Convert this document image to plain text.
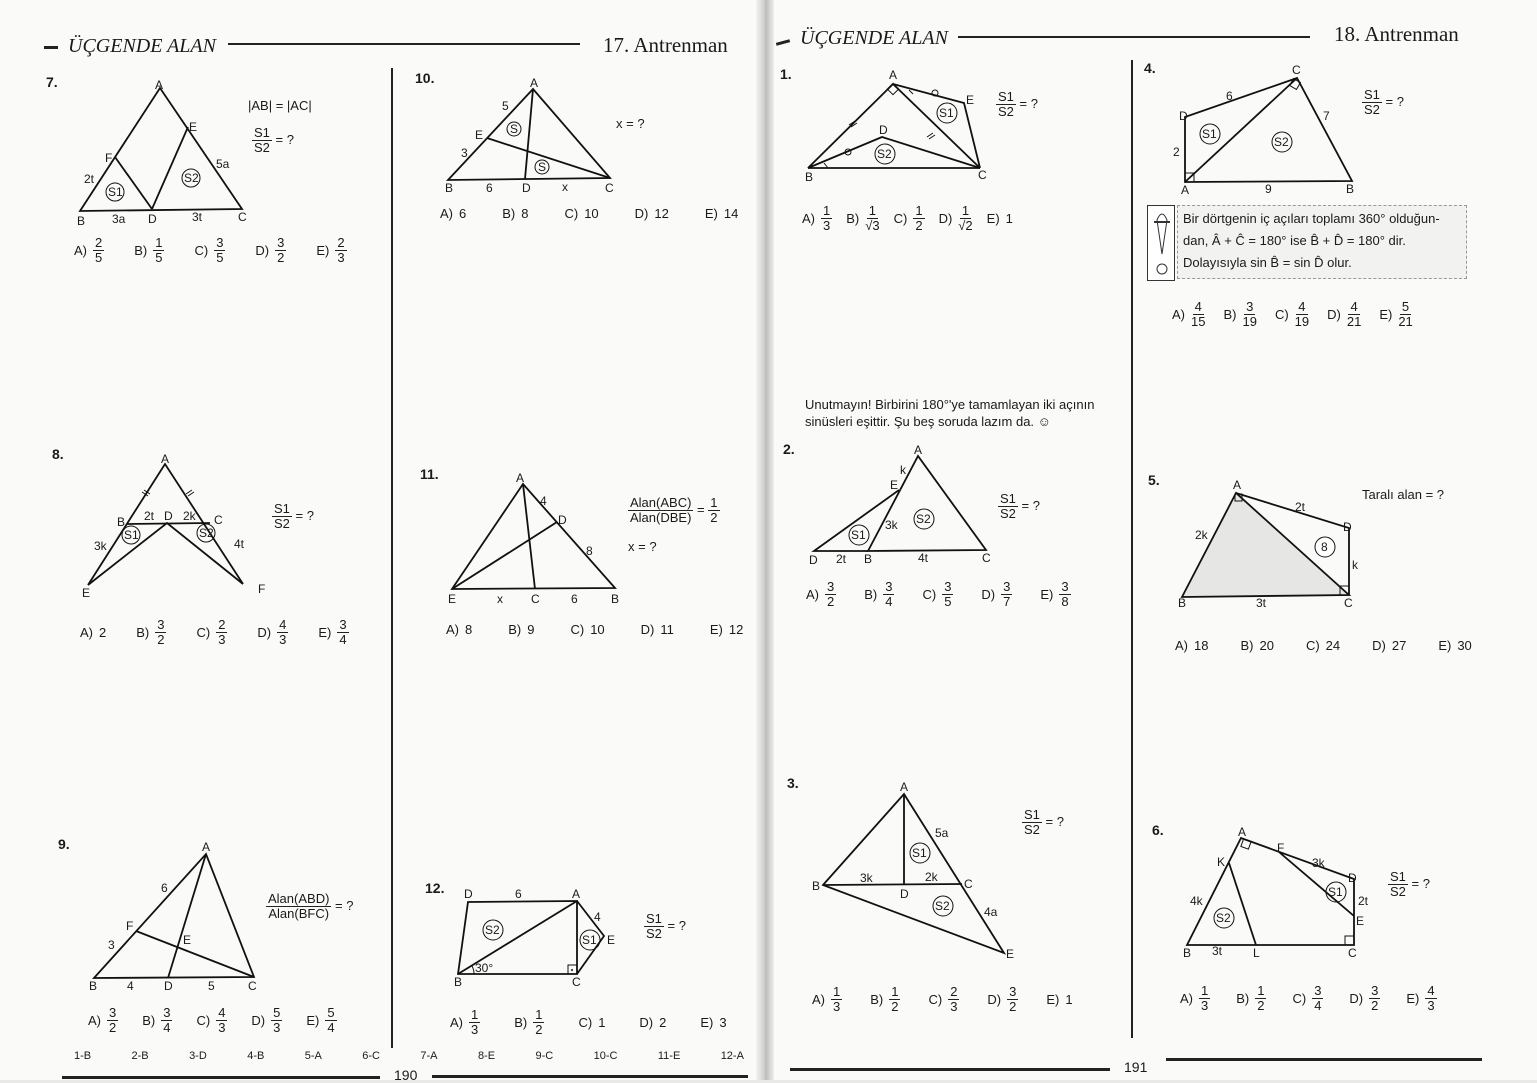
ÜÇGENDE ALAN	17. Antrenman
7.
S1
S2
A
E
F
B	D	C
2t
3a	3t
5a
|AB| = |AC|
$\frac{S1}{S2}$ = ?
$A) \frac{2}{5} B) \frac{1}{5} C) \frac{3}{5} D) \frac{3}{2} E) \frac{2}{3}$
8.
S1	S2
A
B	D	C
E	F
2t 2k
3k	4t
$\frac{S1}{S2}$ = ?
A) 2 $B) \frac{3}{2} C) \frac{2}{3} D) \frac{4}{3} E) \frac{3}{4}$
9.	A
F
E
B	D	C
6
3
4	5
$\frac{\text{Alan(ABD)}}{\text{Alan(BFC)}}$ = ?
$A) \frac{3}{2} B) \frac{3}{4} C) \frac{4}{3} D) \frac{5}{3} E) \frac{5}{4}$
10.
S
S
A
E
B	D	C
5
3
6	x
x = ?
A) 6	B) 8	C) 10	D) 12	E) 14
11.	A
D
E	C	B
4
8
x	6
$\frac{\text{Alan(ABC)}}{\text{Alan(DBE)}} = \frac{1}{2}$
x = ?
A) 8	B) 9	C) 10	D) 11	E) 12
12.
S2
S1
D	A
E
B	C
6
4
30°
$\frac{S1}{S2}$ = ?
$A) \frac{1}{3}$	$B) \frac{1}{2}$	C) 1	D) 2	E) 3
1-B	2-B	3-D	4-B	5-A	6-C	7-A	8-E	9-C	10-C	11-E	12-A
190
ÜÇGENDE ALAN	18. Antrenman
1.
S1
S2
A
E
D
B	C
$\frac{S1}{S2}$ = ?
$A) \frac{1}{3} B) \frac{1}{√3} C) \frac{1}{2} D) \frac{1}{√2} E$) 1
Unutmayın! Birbirini 180°'ye tamamlayan iki açının
sinüsleri eşittir. Şu beş soruda lazım da. ☺
2.
S1
S2
A
E
D	B	C
k
3k
2t	4t
$\frac{S1}{S2}$ = ?
$A) \frac{3}{2} B) \frac{3}{4} C) \frac{3}{5} D) \frac{3}{7} E) \frac{3}{8}$
3.
S1
S2
A
B
D
C
E
3k	2k
5a
4a
$\frac{S1}{S2}$ = ?
$A) \frac{1}{3} B) \frac{1}{2} C) \frac{2}{3} D) \frac{3}{2} E$) 1
4.
S1
S2
C
D
A	B
6
7
2
9
$\frac{S1}{S2}$ = ?
Bir dörtgenin iç açıları toplamı 360° olduğun-
dan, Â + Ĉ = 180° ise B̂ + D̂ = 180° dir.
Dolayısıyla sin B̂ = sin D̂ olur.
$A) \frac{4}{15} B) \frac{3}{19} C) \frac{4}{19} D) \frac{4}{21} E) \frac{5}{21}$
5.
8
A
D
B	C
2k
2t
k
3t
Taralı alan = ?
A) 18 B) 20 C) 24 D) 27 E) 30
6.
S1
S2
A
F
K
D
E
B	L	C
3k
2t
4k
3t
$\frac{S1}{S2}$ = ?
$A) \frac{1}{3} B) \frac{1}{2} C) \frac{3}{4} D) \frac{3}{2} E) \frac{4}{3}$
191
